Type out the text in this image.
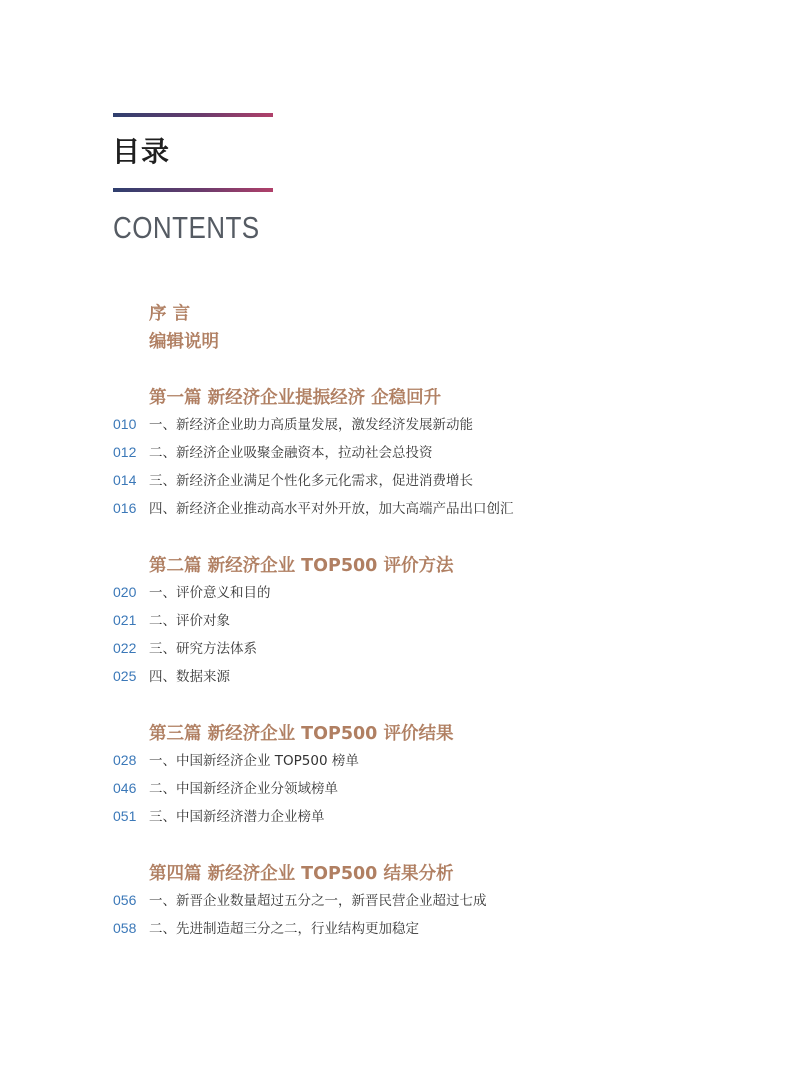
目录
CONTENTS
序 言
编辑说明
第一篇 新经济企业提振经济 企稳回升
010 一、新经济企业助力高质量发展，激发经济发展新动能
012 二、新经济企业吸聚金融资本，拉动社会总投资
014 三、新经济企业满足个性化多元化需求，促进消费增长
016 四、新经济企业推动高水平对外开放，加大高端产品出口创汇
第二篇 新经济企业 TOP500 评价方法
020 一、评价意义和目的
021 二、评价对象
022 三、研究方法体系
025 四、数据来源
第三篇 新经济企业 TOP500 评价结果
028 一、中国新经济企业 TOP500 榜单
046 二、中国新经济企业分领域榜单
051 三、中国新经济潜力企业榜单
第四篇 新经济企业 TOP500 结果分析
056 一、新晋企业数量超过五分之一，新晋民营企业超过七成
058 二、先进制造超三分之二，行业结构更加稳定
